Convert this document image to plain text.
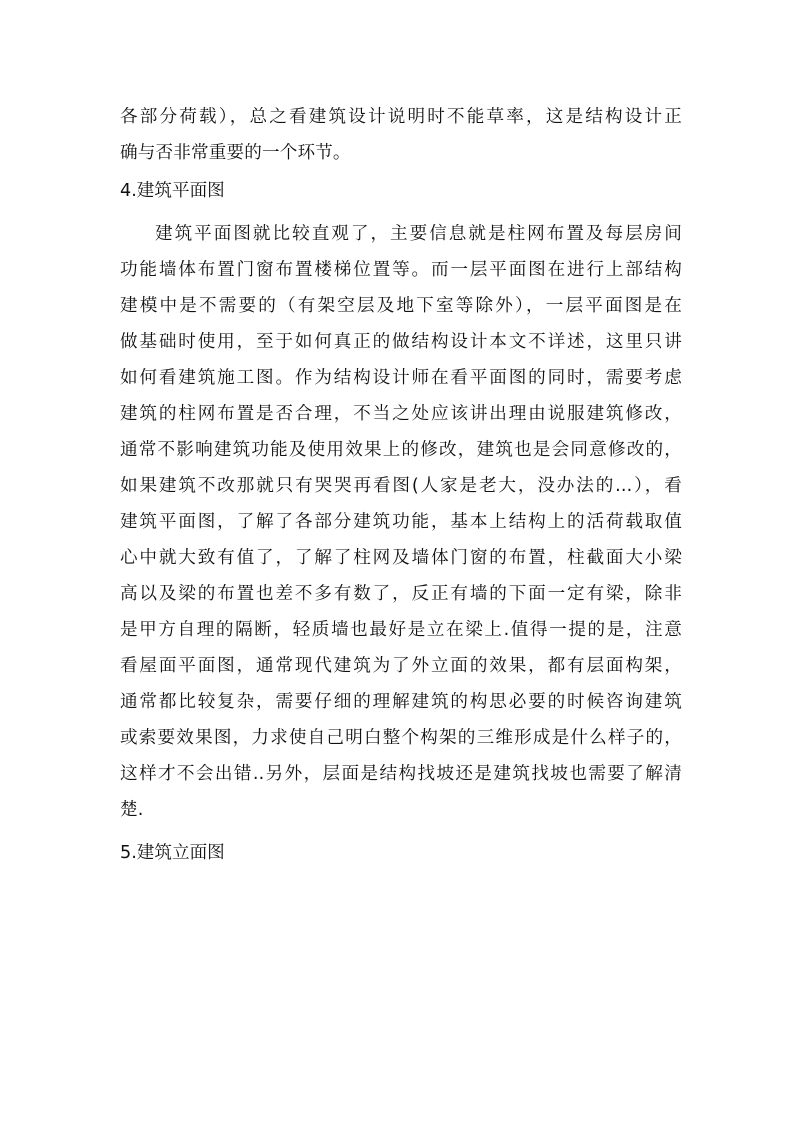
各部分荷载），总之看建筑设计说明时不能草率，这是结构设计正
确与否非常重要的一个环节。
4.建筑平面图
建筑平面图就比较直观了，主要信息就是柱网布置及每层房间
功能墙体布置门窗布置楼梯位置等。而一层平面图在进行上部结构
建模中是不需要的（有架空层及地下室等除外），一层平面图是在
做基础时使用，至于如何真正的做结构设计本文不详述，这里只讲
如何看建筑施工图。作为结构设计师在看平面图的同时，需要考虑
建筑的柱网布置是否合理，不当之处应该讲出理由说服建筑修改，
通常不影响建筑功能及使用效果上的修改，建筑也是会同意修改的，
如果建筑不改那就只有哭哭再看图(人家是老大，没办法的...），看
建筑平面图，了解了各部分建筑功能，基本上结构上的活荷载取值
心中就大致有值了，了解了柱网及墙体门窗的布置，柱截面大小梁
高以及梁的布置也差不多有数了，反正有墙的下面一定有梁，除非
是甲方自理的隔断，轻质墙也最好是立在梁上.值得一提的是，注意
看屋面平面图，通常现代建筑为了外立面的效果，都有层面构架，
通常都比较复杂，需要仔细的理解建筑的构思必要的时候咨询建筑
或索要效果图，力求使自己明白整个构架的三维形成是什么样子的，
这样才不会出错..另外，层面是结构找坡还是建筑找坡也需要了解清
楚.
5.建筑立面图
